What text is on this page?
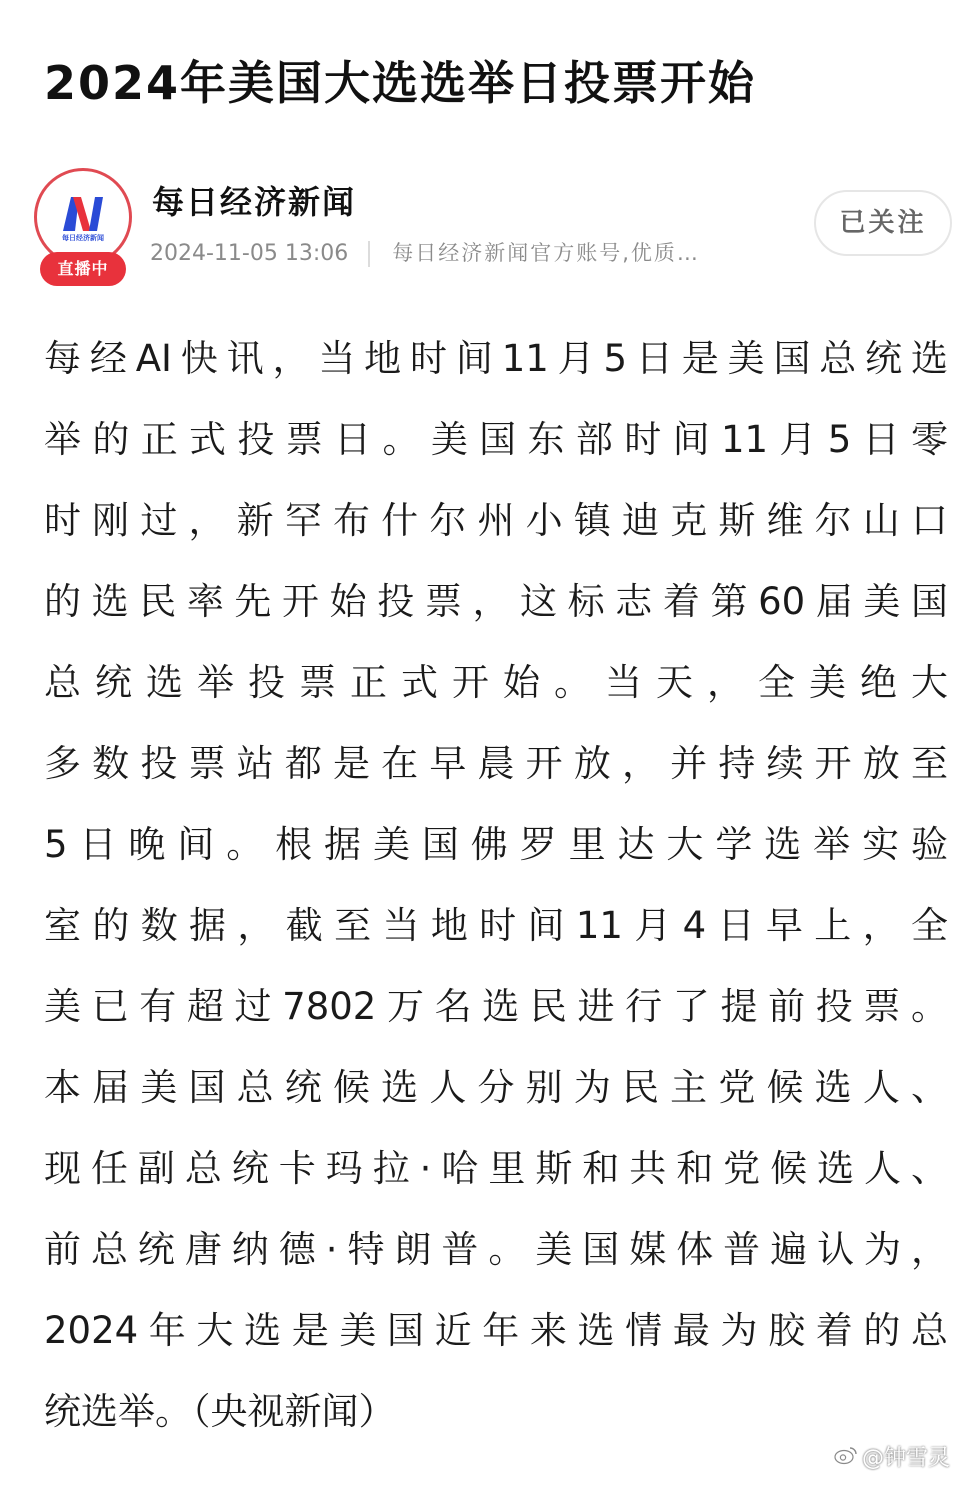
2024年美国大选选举日投票开始
每日经济新闻
直播中
每日经济新闻
2024-11-05 13:06 每日经济新闻官方账号,优质…
已关注
每经AI快讯，当地时间11月5日是美国总统选
举的正式投票日。美国东部时间11月5日零
时刚过，新罕布什尔州小镇迪克斯维尔山口
的选民率先开始投票，这标志着第60届美国
总统选举投票正式开始。当天，全美绝大
多数投票站都是在早晨开放，并持续开放至
5日晚间。根据美国佛罗里达大学选举实验
室的数据，截至当地时间11月4日早上，全
美已有超过7802万名选民进行了提前投票。
本届美国总统候选人分别为民主党候选人、
现任副总统卡玛拉·哈里斯和共和党候选人、
前总统唐纳德·特朗普。美国媒体普遍认为，
2024年大选是美国近年来选情最为胶着的总
统选举。（央视新闻）
@钟雪灵
